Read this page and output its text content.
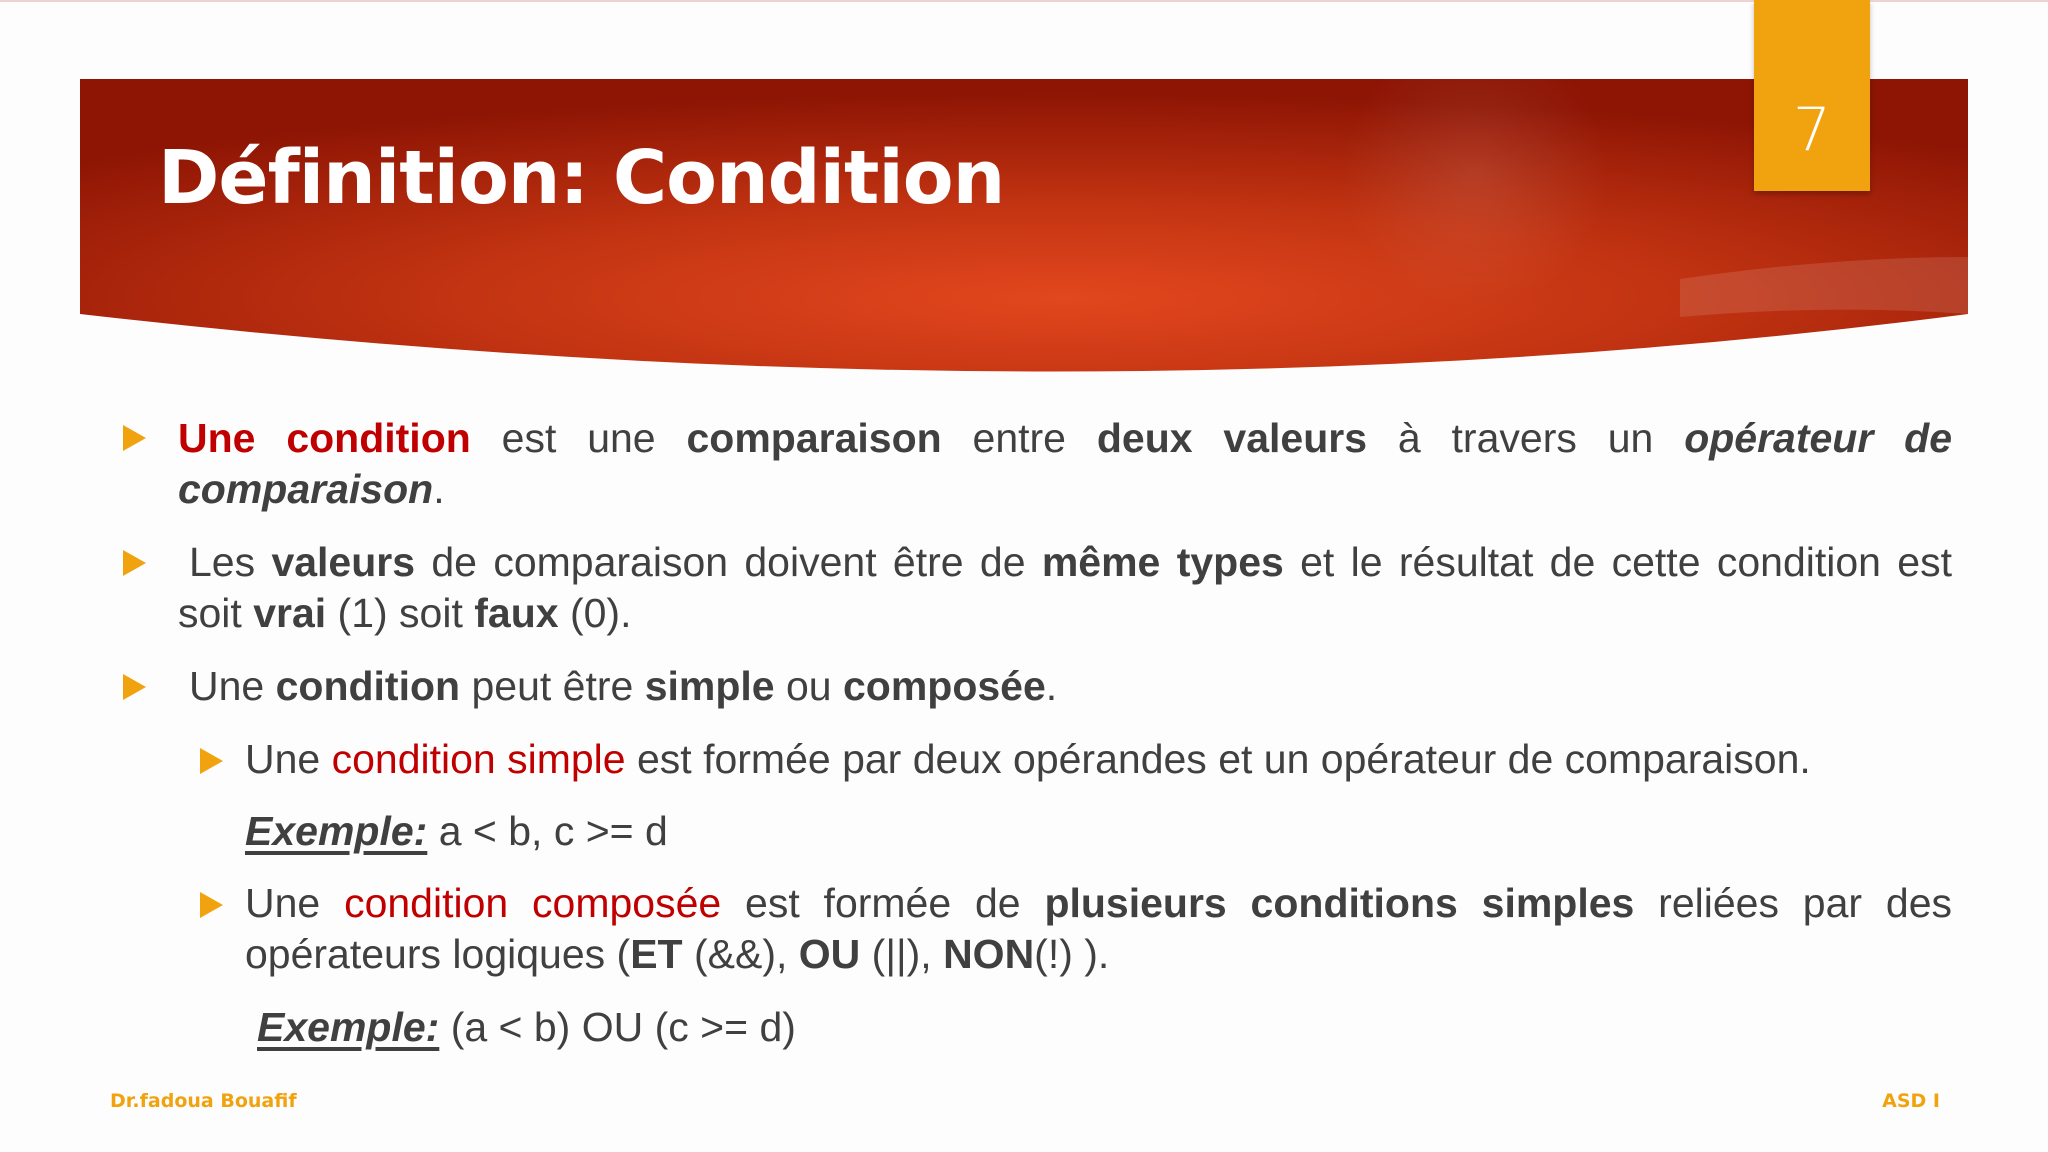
7
Définition: Condition
Une condition est une comparaison entre deux valeurs à travers un opérateur de comparaison.
Les valeurs de comparaison doivent être de même types et le résultat de cette condition est soit vrai (1) soit faux (0).
Une condition peut être simple ou composée.
Une condition simple est formée par deux opérandes et un opérateur de comparaison.
Exemple: a < b, c >= d
Une condition composée est formée de plusieurs conditions simples reliées par des opérateurs logiques (ET (&&), OU (||), NON(!) ).
Exemple: (a < b) OU (c >= d)
Dr.fadoua Bouafif	ASD I
